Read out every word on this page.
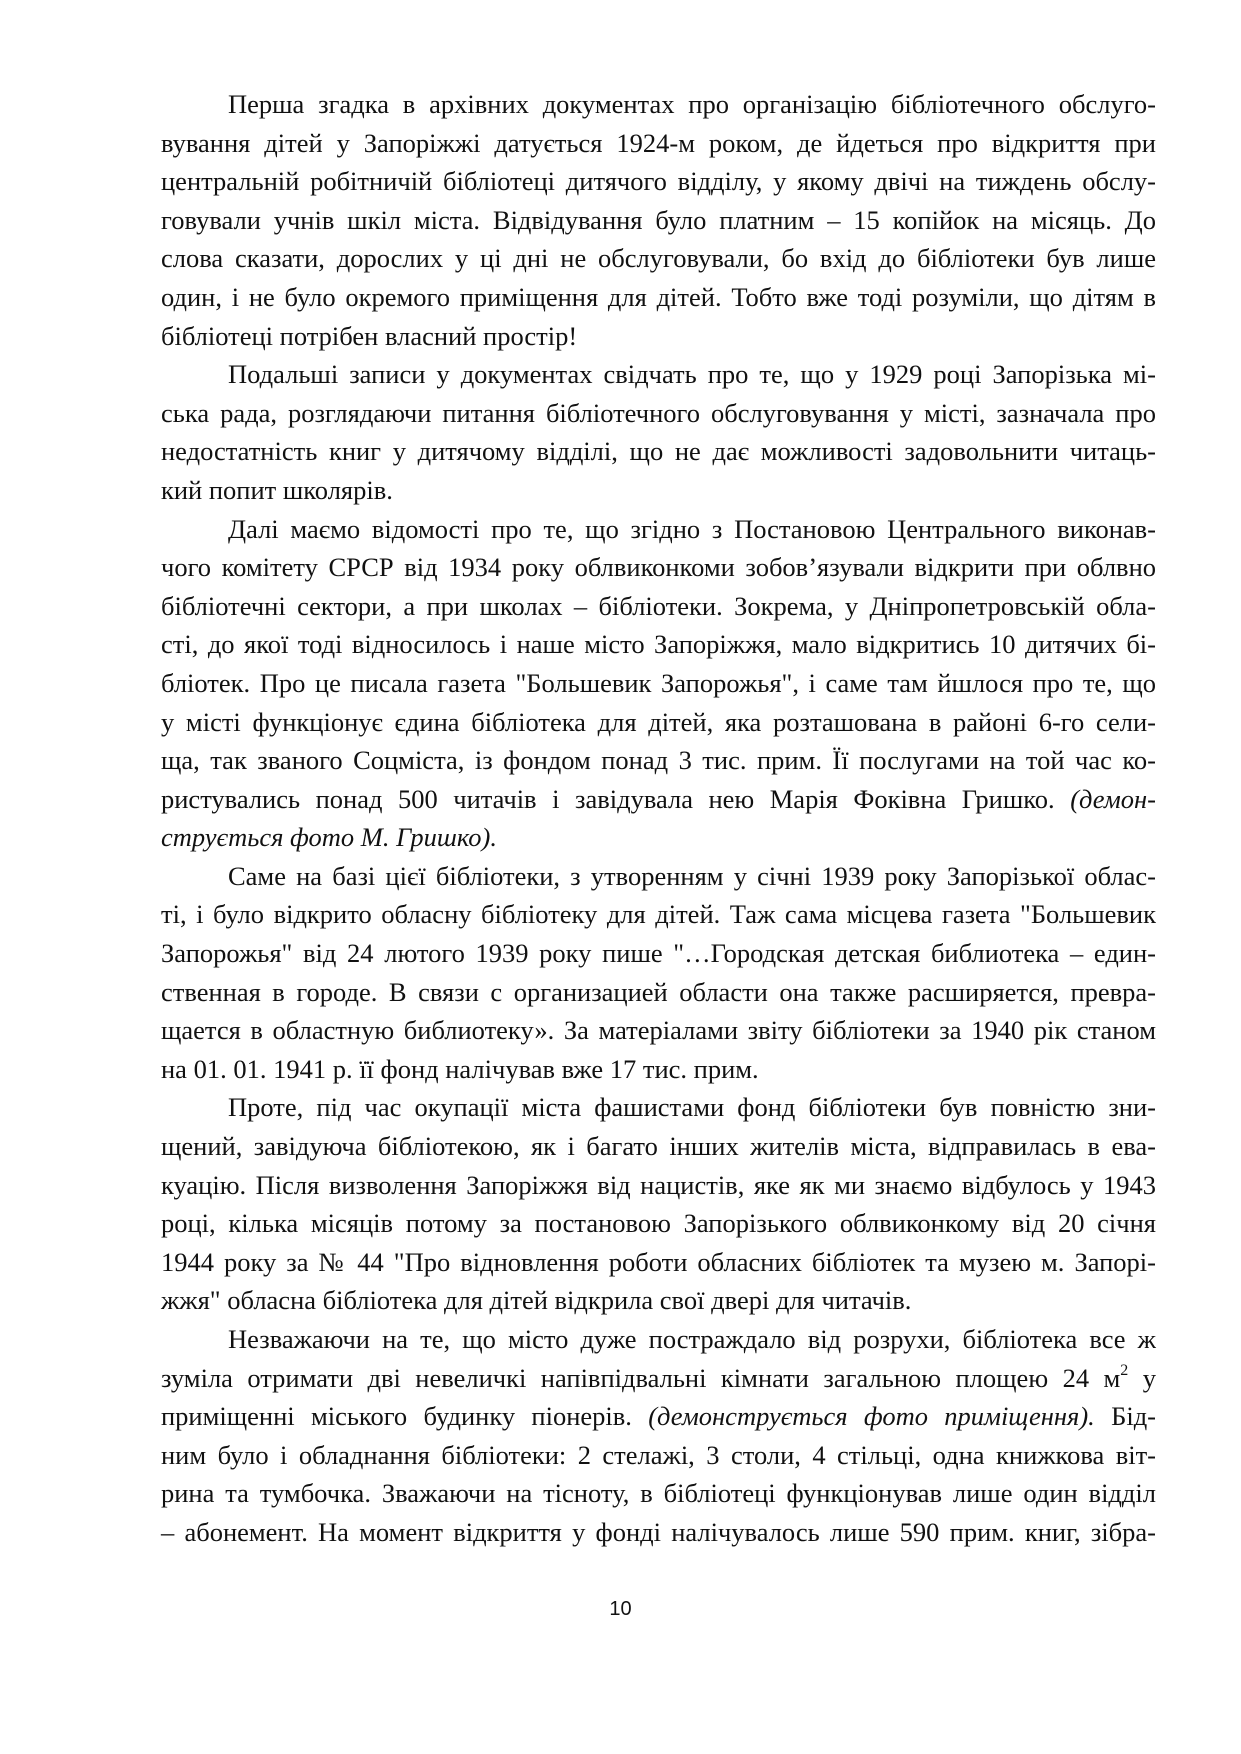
Перша згадка в архівних документах про організацію бібліотечного обслуго-
вування дітей у Запоріжжі датується 1924-м роком, де йдеться про відкриття при
центральній робітничій бібліотеці дитячого відділу, у якому двічі на тиждень обслу-
говували учнів шкіл міста. Відвідування було платним – 15 копійок на місяць. До
слова сказати, дорослих у ці дні не обслуговували, бо вхід до бібліотеки був лише
один, і не було окремого приміщення для дітей. Тобто вже тоді розуміли, що дітям в
бібліотеці потрібен власний простір!

Подальші записи у документах свідчать про те, що у 1929 році Запорізька мі-
ська рада, розглядаючи питання бібліотечного обслуговування у місті, зазначала про
недостатність книг у дитячому відділі, що не дає можливості задовольнити читаць-
кий попит школярів.

Далі маємо відомості про те, що згідно з Постановою Центрального виконав-
чого комітету СРСР від 1934 року облвиконкоми зобов’язували відкрити при облвно
бібліотечні сектори, а при школах – бібліотеки. Зокрема, у Дніпропетровській обла-
сті, до якої тоді відносилось і наше місто Запоріжжя, мало відкритись 10 дитячих бі-
бліотек. Про це писала газета "Большевик Запорожья", і саме там йшлося про те, що
у місті функціонує єдина бібліотека для дітей, яка розташована в районі 6-го сели-
ща, так званого Соцміста, із фондом понад 3 тис. прим. Її послугами на той час ко-
ристувались понад 500 читачів і завідувала нею Марія Фоківна Гришко. (демон-
струється фото М. Гришко).

Саме на базі цієї бібліотеки, з утворенням у січні 1939 року Запорізької облас-
ті, і було відкрито обласну бібліотеку для дітей. Таж сама місцева газета "Большевик
Запорожья" від 24 лютого 1939 року пише "…Городская детская библиотека – един-
ственная в городе. В связи с организацией области она также расширяется, превра-
щается в областную библиотеку». За матеріалами звіту бібліотеки за 1940 рік станом
на 01. 01. 1941 р. її фонд налічував вже 17 тис. прим.

Проте, під час окупації міста фашистами фонд бібліотеки був повністю зни-
щений, завідуюча бібліотекою, як і багато інших жителів міста, відправилась в ева-
куацію. Після визволення Запоріжжя від нацистів, яке як ми знаємо відбулось у 1943
році, кілька місяців потому за постановою Запорізького облвиконкому від 20 січня
1944 року за № 44 "Про відновлення роботи обласних бібліотек та музею м. Запорі-
жжя" обласна бібліотека для дітей відкрила свої двері для читачів.

Незважаючи на те, що місто дуже постраждало від розрухи, бібліотека все ж
зуміла отримати дві невеличкі напівпідвальні кімнати загальною площею 24 $м^2$ у
приміщенні міського будинку піонерів. (демонструється фото приміщення). Бід-
ним було і обладнання бібліотеки: 2 стелажі, 3 столи, 4 стільці, одна книжкова віт-
рина та тумбочка. Зважаючи на тісноту, в бібліотеці функціонував лише один відділ
– абонемент. На момент відкриття у фонді налічувалось лише 590 прим. книг, зібра-

10
